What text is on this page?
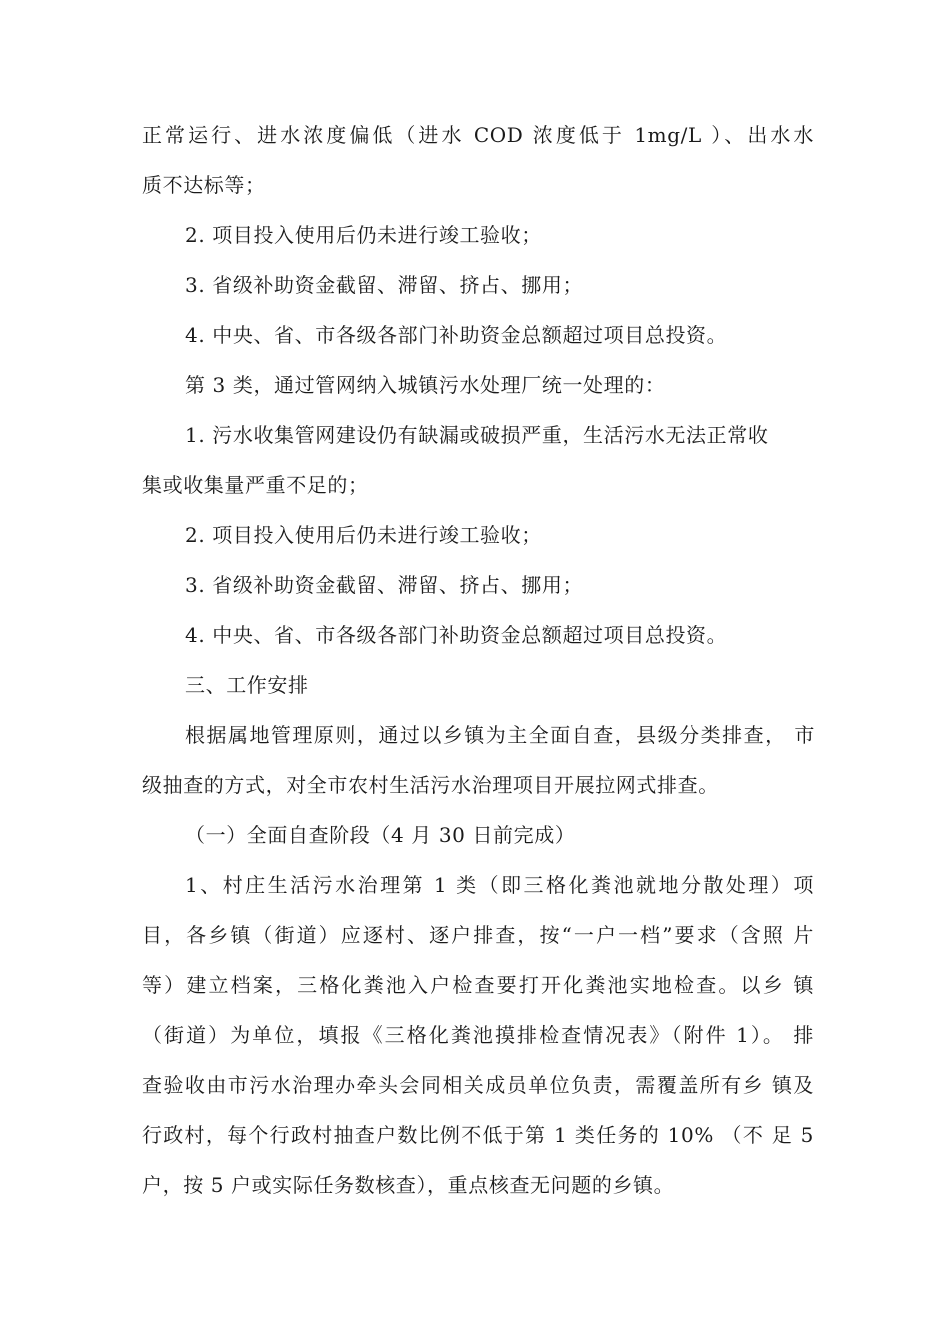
正常运行、进水浓度偏低（进水 COD 浓度低于 1mg/L ）、出水水

质不达标等；

2. 项目投入使用后仍未进行竣工验收；

3. 省级补助资金截留、滞留、挤占、挪用；

4. 中央、省、市各级各部门补助资金总额超过项目总投资。

第 3 类，通过管网纳入城镇污水处理厂统一处理的：

1. 污水收集管网建设仍有缺漏或破损严重，生活污水无法正常收

集或收集量严重不足的；

2. 项目投入使用后仍未进行竣工验收；

3. 省级补助资金截留、滞留、挤占、挪用；

4. 中央、省、市各级各部门补助资金总额超过项目总投资。

三、工作安排

根据属地管理原则，通过以乡镇为主全面自查，县级分类排查， 市

级抽查的方式，对全市农村生活污水治理项目开展拉网式排查。

（一）全面自查阶段（4 月 30 日前完成）

1、村庄生活污水治理第 1 类（即三格化粪池就地分散处理）项

目，各乡镇（街道）应逐村、逐户排查，按“一户一档”要求（含照 片

等）建立档案，三格化粪池入户检查要打开化粪池实地检查。以乡 镇

（街道）为单位，填报《三格化粪池摸排检查情况表》（附件 1）。 排

查验收由市污水治理办牵头会同相关成员单位负责，需覆盖所有乡 镇及

行政村，每个行政村抽查户数比例不低于第 1 类任务的 10% （不 足 5

户，按 5 户或实际任务数核查），重点核查无问题的乡镇。
